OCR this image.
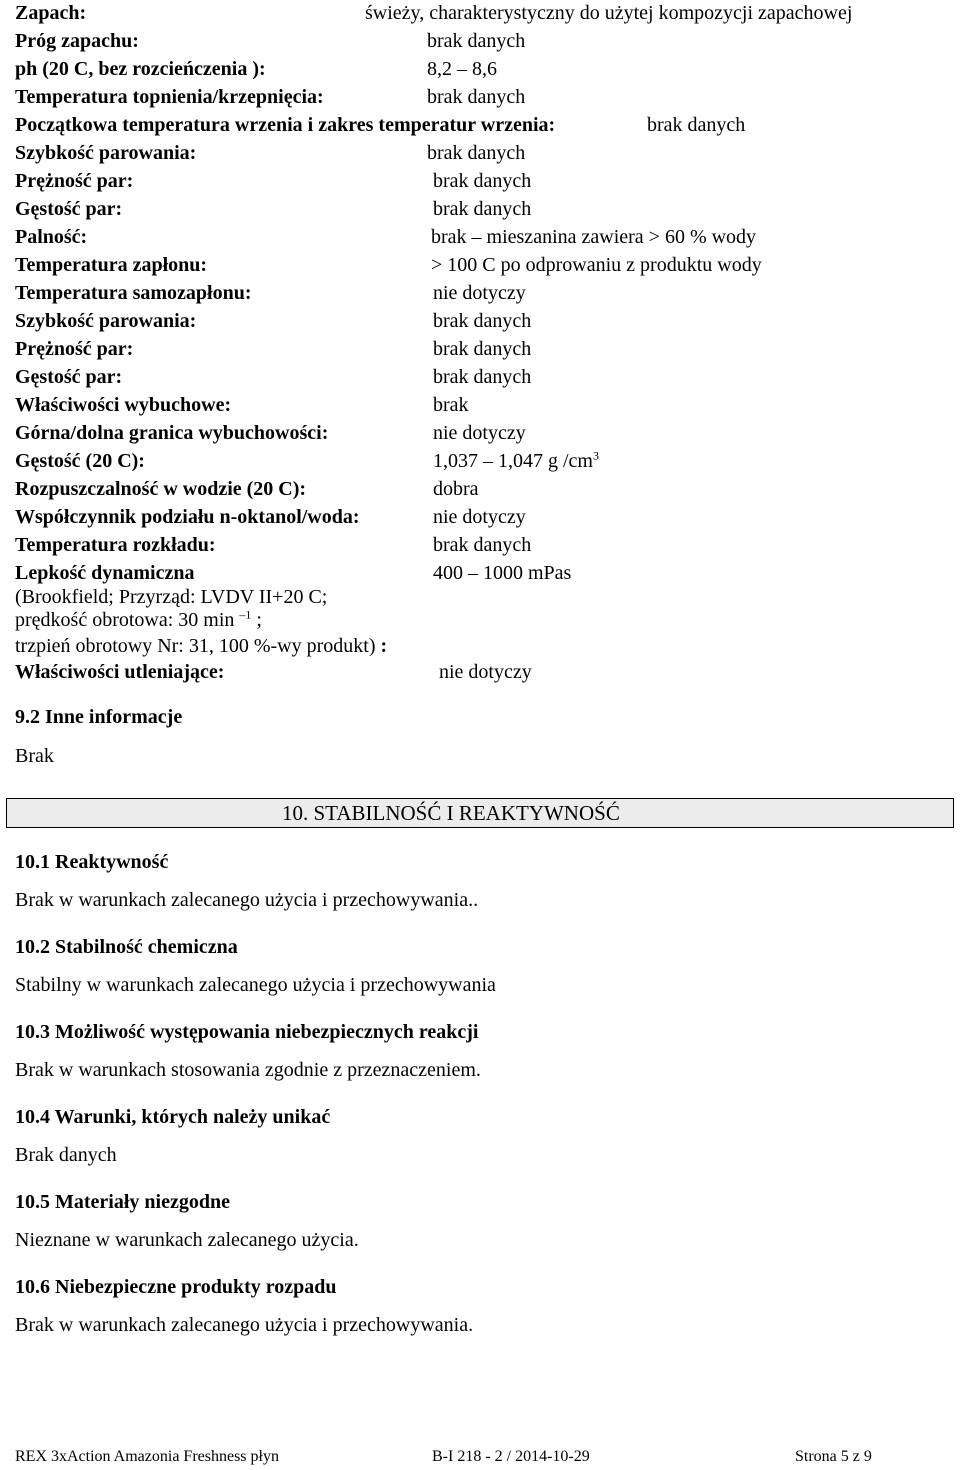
Zapach:	świeży, charakterystyczny do użytej kompozycji zapachowej
Próg zapachu:	brak danych
ph (20 C, bez rozcieńczenia ):	8,2 – 8,6
Temperatura topnienia/krzepnięcia:	brak danych
Początkowa temperatura wrzenia i zakres temperatur wrzenia:	brak danych
Szybkość parowania:	brak danych
Prężność par:	brak danych
Gęstość par:	brak danych
Palność:	brak – mieszanina zawiera > 60 % wody
Temperatura zapłonu:	> 100 C po odprowaniu z produktu wody
Temperatura samozapłonu:	nie dotyczy
Szybkość parowania:	brak danych
Prężność par:	brak danych
Gęstość par:	brak danych
Właściwości wybuchowe:	brak
Górna/dolna granica wybuchowości:	nie dotyczy
Gęstość (20 C):	1,037 – 1,047 g $/cm^3$
Rozpuszczalność w wodzie (20 C):	dobra
Współczynnik podziału n-oktanol/woda:	nie dotyczy
Temperatura rozkładu:	brak danych
Lepkość dynamiczna	400 – 1000 mPas
(Brookfield; Przyrząd: LVDV II+20 C;
prędkość obrotowa: 30 min $^{-1}$ ;
trzpień obrotowy Nr: 31, 100 %-wy produkt) :
Właściwości utleniające:	nie dotyczy
9.2 Inne informacje
Brak
10. STABILNOŚĆ I REAKTYWNOŚĆ
10.1 Reaktywność
Brak w warunkach zalecanego użycia i przechowywania..
10.2 Stabilność chemiczna
Stabilny w warunkach zalecanego użycia i przechowywania
10.3 Możliwość występowania niebezpiecznych reakcji
Brak w warunkach stosowania zgodnie z przeznaczeniem.
10.4 Warunki, których należy unikać
Brak danych
10.5 Materiały niezgodne
Nieznane w warunkach zalecanego użycia.
10.6 Niebezpieczne produkty rozpadu
Brak w warunkach zalecanego użycia i przechowywania.
REX 3xAction Amazonia Freshness płyn	B-I 218 - 2 / 2014-10-29	Strona 5 z 9
